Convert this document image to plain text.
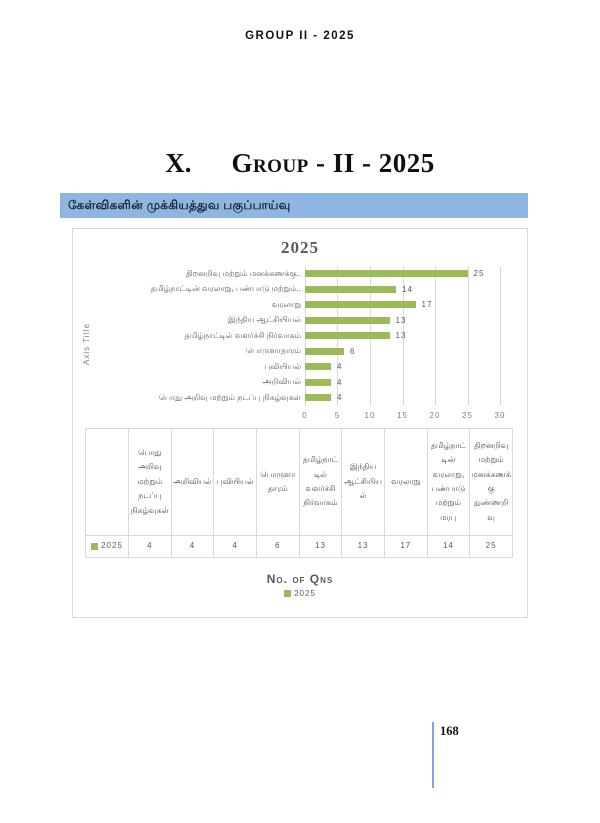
GROUP II - 2025
X. Group - II - 2025
கேள்விகளின் முக்கியத்துவ பகுப்பாய்வு
2025
Axis Title
திறனறிவு மற்றும் மனக்கணக்கு..	25
தமிழ்நாட்டின் வரலாறு, பண்பாடு மற்றும்..	14
வரலாறு	17
இந்திய ஆட்சியியல்	13
தமிழ்நாட்டில் வளர்ச்சி நிர்வாகம்	13
பொருளாதாரம்	6
புவியியல்	4
அறிவியல்	4
பொது அறிவு மற்றும் நடப்பு நிகழ்வுகள்	4
0	5	10	15	20	25	30
	பொது அறிவு மற்றும் நடப்பு நிகழ்வுகள்	அறிவியல்	புவியியல்	பொருளாதாரம்	தமிழ்நாட்டில் வளர்ச்சி நிர்வாகம்	இந்திய ஆட்சியியல்	வரலாறு	தமிழ்நாட்டின் வரலாறு, பண்பாடு மற்றும் மரபு	திறனறிவு மற்றும் மனக்கணக்கு நுண்ணறிவு
2025	4	4	4	6	13	13	17	14	25
No. of Qns
2025
168
